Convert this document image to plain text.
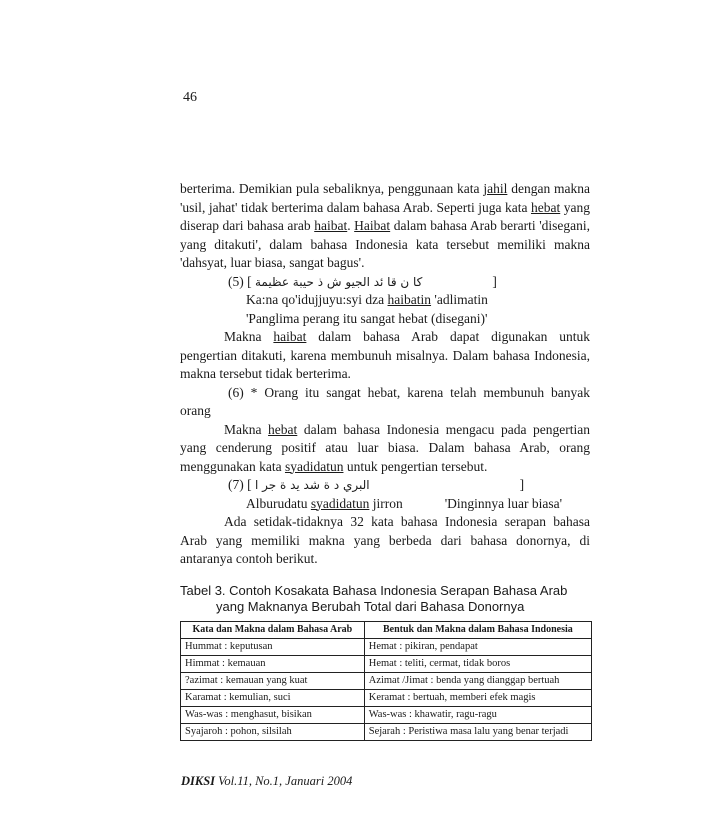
46

berterima. Demikian pula sebaliknya, penggunaan kata jahil dengan makna 'usil, jahat' tidak berterima dalam bahasa Arab. Seperti juga kata hebat yang diserap dari bahasa arab haibat. Haibat dalam bahasa Arab berarti 'disegani, yang ditakuti', dalam bahasa Indonesia kata tersebut memiliki makna 'dahsyat, luar biasa, sangat bagus'.

(5) [ كا ن قا ئد الجيو ش ذ حيبة عظيمة	]
Ka:na qo'idujjuyu:syi dza haibatin 'adlimatin
'Panglima perang itu sangat hebat (disegani)'

Makna haibat dalam bahasa Arab dapat digunakan untuk pengertian ditakuti, karena membunuh misalnya. Dalam bahasa Indonesia, makna tersebut tidak berterima.

(6) * Orang itu sangat hebat, karena telah membunuh banyak orang

Makna hebat dalam bahasa Indonesia mengacu pada pengertian yang cenderung positif atau luar biasa. Dalam bahasa Arab, orang menggunakan kata syadidatun untuk pengertian tersebut.

(7) [ البري د ة شد يد ة جر ا	]
Alburudatu syadidatun jirron	'Dinginnya luar biasa'

Ada setidak-tidaknya 32 kata bahasa Indonesia serapan bahasa Arab yang memiliki makna yang berbeda dari bahasa donornya, di antaranya contoh berikut.

Tabel 3. Contoh Kosakata Bahasa Indonesia Serapan Bahasa Arab
yang Maknanya Berubah Total dari Bahasa Donornya
Kata dan Makna dalam Bahasa Arab	Bentuk dan Makna dalam Bahasa Indonesia
Hummat : keputusan	Hemat : pikiran, pendapat
Himmat : kemauan	Hemat : teliti, cermat, tidak boros
?azimat : kemauan yang kuat	Azimat /Jimat : benda yang dianggap bertuah
Karamat : kemulian, suci	Keramat : bertuah, memberi efek magis
Was-was : menghasut, bisikan	Was-was : khawatir, ragu-ragu
Syajaroh : pohon, silsilah	Sejarah : Peristiwa masa lalu yang benar terjadi
DIKSI Vol.11, No.1, Januari 2004
